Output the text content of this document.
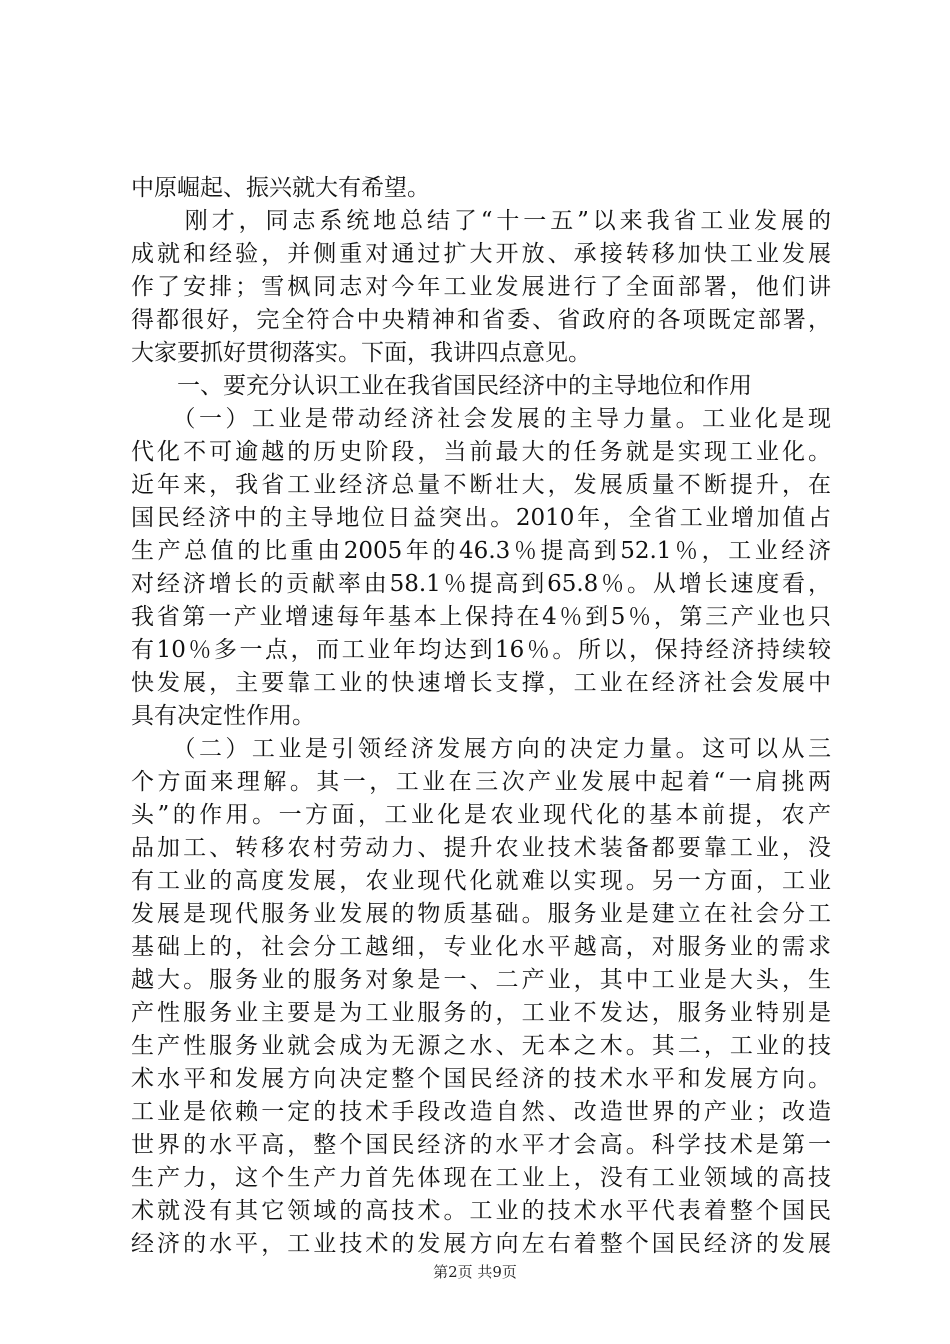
中原崛起、振兴就大有希望。
　　刚才，同志系统地总结了“十一五”以来我省工业发展的
成就和经验，并侧重对通过扩大开放、承接转移加快工业发展
作了安排；雪枫同志对今年工业发展进行了全面部署，他们讲
得都很好，完全符合中央精神和省委、省政府的各项既定部署，
大家要抓好贯彻落实。下面，我讲四点意见。
　　一、要充分认识工业在我省国民经济中的主导地位和作用
　　（一）工业是带动经济社会发展的主导力量。工业化是现
代化不可逾越的历史阶段，当前最大的任务就是实现工业化。
近年来，我省工业经济总量不断壮大，发展质量不断提升，在
国民经济中的主导地位日益突出。2010年，全省工业增加值占
生产总值的比重由2005年的46.3％提高到52.1％，工业经济
对经济增长的贡献率由58.1％提高到65.8％。从增长速度看，
我省第一产业增速每年基本上保持在4％到5％，第三产业也只
有10％多一点，而工业年均达到16％。所以，保持经济持续较
快发展，主要靠工业的快速增长支撑，工业在经济社会发展中
具有决定性作用。
　　（二）工业是引领经济发展方向的决定力量。这可以从三
个方面来理解。其一，工业在三次产业发展中起着“一肩挑两
头”的作用。一方面，工业化是农业现代化的基本前提，农产
品加工、转移农村劳动力、提升农业技术装备都要靠工业，没
有工业的高度发展，农业现代化就难以实现。另一方面，工业
发展是现代服务业发展的物质基础。服务业是建立在社会分工
基础上的，社会分工越细，专业化水平越高，对服务业的需求
越大。服务业的服务对象是一、二产业，其中工业是大头，生
产性服务业主要是为工业服务的，工业不发达，服务业特别是
生产性服务业就会成为无源之水、无本之木。其二，工业的技
术水平和发展方向决定整个国民经济的技术水平和发展方向。
工业是依赖一定的技术手段改造自然、改造世界的产业；改造
世界的水平高，整个国民经济的水平才会高。科学技术是第一
生产力，这个生产力首先体现在工业上，没有工业领域的高技
术就没有其它领域的高技术。工业的技术水平代表着整个国民
经济的水平，工业技术的发展方向左右着整个国民经济的发展
第2页 共9页
